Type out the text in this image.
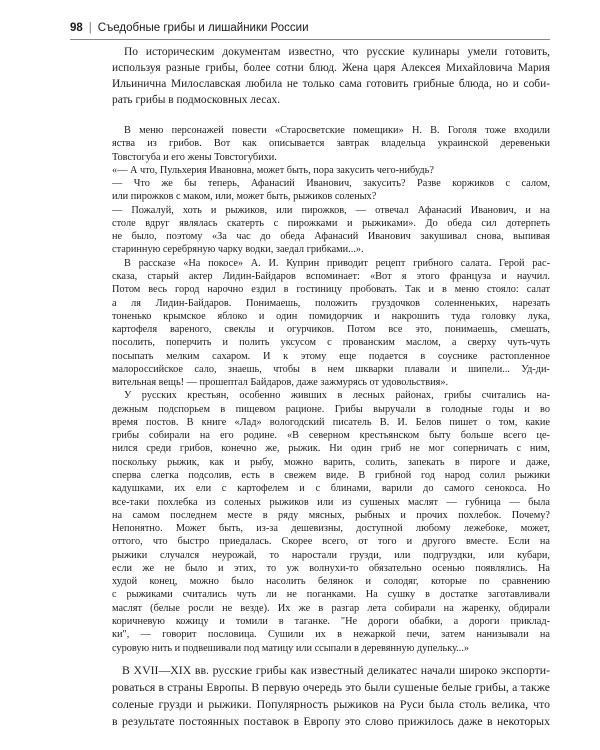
98 | Съедобные грибы и лишайники России
По историческим документам известно, что русские кулинары умели готовить,
используя разные грибы, более сотни блюд. Жена царя Алексея Михайловича Мария
Ильинична Милославская любила не только сама готовить грибные блюда, но и соби-
рать грибы в подмосковных лесах.
В меню персонажей повести «Старосветские помещики» Н. В. Гоголя тоже входили
яства из грибов. Вот как описывается завтрак владельца украинской деревеньки
Товстогуба и его жены Товстогубихи.
«— А что, Пульхерия Ивановна, может быть, пора закусить чего-нибудь?
— Что же бы теперь, Афанасий Иванович, закусить? Разве коржиков с салом,
или пирожков с маком, или, может быть, рыжиков соленых?
— Пожалуй, хоть и рыжиков, или пирожков, — отвечал Афанасий Иванович, и на
столе вдруг являлась скатерть с пирожками и рыжиками». До обеда сил дотерпеть
не было, поэтому «За час до обеда Афанасий Иванович закушивал снова, выпивая
старинную серебряную чарку водки, заедал грибками...».
В рассказе «На покосе» А. И. Куприн приводит рецепт грибного салата. Герой рас-
сказа, старый актер Лидин-Байдаров вспоминает: «Вот я этого француза и научил.
Потом весь город нарочно ездил в гостиницу пробовать. Так и в меню стояло: салат
а ля Лидин-Байдаров. Понимаешь, положить груздочков соленненьких, нарезать
тоненько крымское яблоко и один помидорчик и накрошить туда головку лука,
картофеля вареного, свеклы и огурчиков. Потом все это, понимаешь, смешать,
посолить, поперчить и полить уксусом с прованским маслом, а сверху чуть-чуть
посыпать мелким сахаром. И к этому еще подается в соуснике растопленное
малороссийское сало, знаешь, чтобы в нем шкварки плавали и шипели... Уд-ди-
вительная вещь! — прошептал Байдаров, даже зажмурясь от удовольствия».
У русских крестьян, особенно живших в лесных районах, грибы считались на-
дежным подспорьем в пищевом рационе. Грибы выручали в голодные годы и во
время постов. В книге «Лад» вологодский писатель В. И. Белов пишет о том, какие
грибы собирали на его родине. «В северном крестьянском быту больше всего це-
нился среди грибов, конечно же, рыжик. Ни один гриб не мог соперничать с ним,
поскольку рыжик, как и рыбу, можно варить, солить, запекать в пироге и даже,
сперва слегка подсолив, есть в свежем виде. В грибной год народ солил рыжики
кадушками, их ели с картофелем и с блинами, варили до самого сенокоса. Но
все-таки похлебка из соленых рыжиков или из сушеных маслят — губница — была
на самом последнем месте в ряду мясных, рыбных и прочих похлебок. Почему?
Непонятно. Может быть, из-за дешевизны, доступной любому лежебоке, может,
оттого, что быстро приедалась. Скорее всего, от того и другого вместе. Если на
рыжики случался неурожай, то наростали грузди, или подгруздки, или кубари,
если же не было и этих, то уж волнухи-то обязательно осенью появлялись. На
худой конец, можно было насолить белянок и солодяг, которые по сравнению
с рыжиками считались чуть ли не поганками. На сушку в достатке заготавливали
маслят (белые росли не везде). Их же в разгар лета собирали на жаренку, обдирали
коричневую кожицу и томили в таганке. "Не дороги обабки, а дороги приклад-
ки", — говорит пословица. Сушили их в нежаркой печи, затем нанизывали на
суровую нить и подвешивали под матицу или ссыпали в деревянную дупельку...»
В XVII—XIX вв. русские грибы как известный деликатес начали широко экспорти-
роваться в страны Европы. В первую очередь это были сушеные белые грибы, а также
соленые грузди и рыжики. Популярность рыжиков на Руси была столь велика, что
в результате постоянных поставок в Европу это слово прижилось даже в некоторых
